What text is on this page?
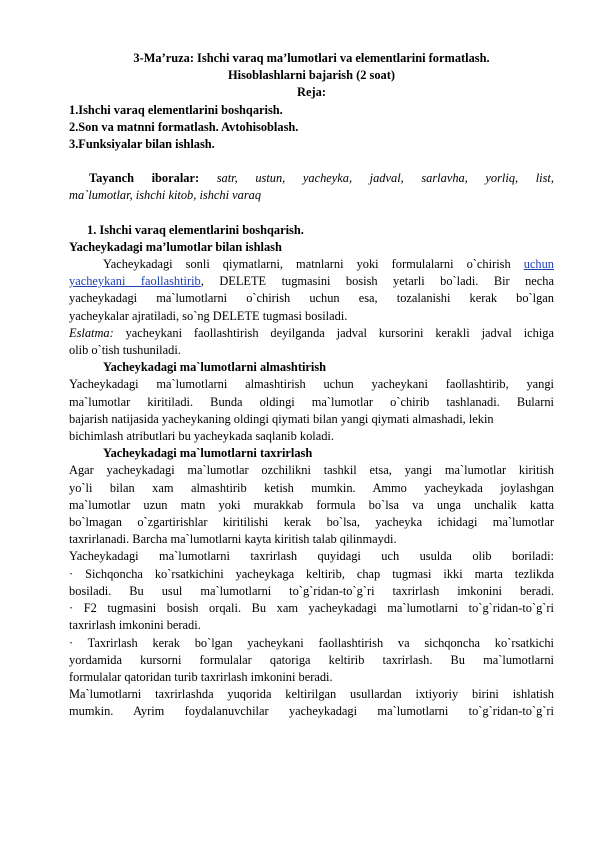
3-Ma’ruza: Ishchi varaq ma’lumotlari va elementlarini formatlash.
Hisoblashlarni bajarish (2 soat)
Reja:
1.Ishchi varaq elementlarini boshqarish.
2.Son va matnni formatlash. Avtohisoblash.
3.Funksiyalar bilan ishlash.
Tayanch iboralar: satr, ustun, yacheyka, jadval, sarlavha, yorliq, list,
ma`lumotlar, ishchi kitob, ishchi varaq
1. Ishchi varaq elementlarini boshqarish.
Yacheykadagi ma’lumotlar bilan ishlash
Yacheykadagi sonli qiymatlarni, matnlarni yoki formulalarni o`chirish uchun
yacheykani faollashtirib, DELETE tugmasini bosish yetarli bo`ladi. Bir necha
yacheykadagi ma`lumotlarni o`chirish uchun esa, tozalanishi kerak bo`lgan
yacheykalar ajratiladi, so`ng DELETE tugmasi bosiladi.
Eslatma: yacheykani faollashtirish deyilganda jadval kursorini kerakli jadval ichiga
olib o`tish tushuniladi.
Yacheykadagi ma`lumotlarni almashtirish
Yacheykadagi ma`lumotlarni almashtirish uchun yacheykani faollashtirib, yangi
ma`lumotlar kiritiladi. Bunda oldingi ma`lumotlar o`chirib tashlanadi. Bularni
bajarish natijasida yacheykaning oldingi qiymati bilan yangi qiymati almashadi, lekin
bichimlash atributlari bu yacheykada saqlanib koladi.
Yacheykadagi ma`lumotlarni taxrirlash
Agar yacheykadagi ma`lumotlar ozchilikni tashkil etsa, yangi ma`lumotlar kiritish
yo`li bilan xam almashtirib ketish mumkin. Ammo yacheykada joylashgan
ma`lumotlar uzun matn yoki murakkab formula bo`lsa va unga unchalik katta
bo`lmagan o`zgartirishlar kiritilishi kerak bo`lsa, yacheyka ichidagi ma`lumotlar
taxrirlanadi. Barcha ma`lumotlarni kayta kiritish talab qilinmaydi.
Yacheykadagi ma`lumotlarni taxrirlash quyidagi uch usulda olib boriladi:
· Sichqoncha ko`rsatkichini yacheykaga keltirib, chap tugmasi ikki marta tezlikda
bosiladi. Bu usul ma`lumotlarni to`g`ridan-to`g`ri taxrirlash imkonini beradi.
· F2 tugmasini bosish orqali. Bu xam yacheykadagi ma`lumotlarni to`g`ridan-to`g`ri
taxrirlash imkonini beradi.
· Taxrirlash kerak bo`lgan yacheykani faollashtirish va sichqoncha ko`rsatkichi
yordamida kursorni formulalar qatoriga keltirib taxrirlash. Bu ma`lumotlarni
formulalar qatoridan turib taxrirlash imkonini beradi.
Ma`lumotlarni taxrirlashda yuqorida keltirilgan usullardan ixtiyoriy birini ishlatish
mumkin. Ayrim foydalanuvchilar yacheykadagi ma`lumotlarni to`g`ridan-to`g`ri
